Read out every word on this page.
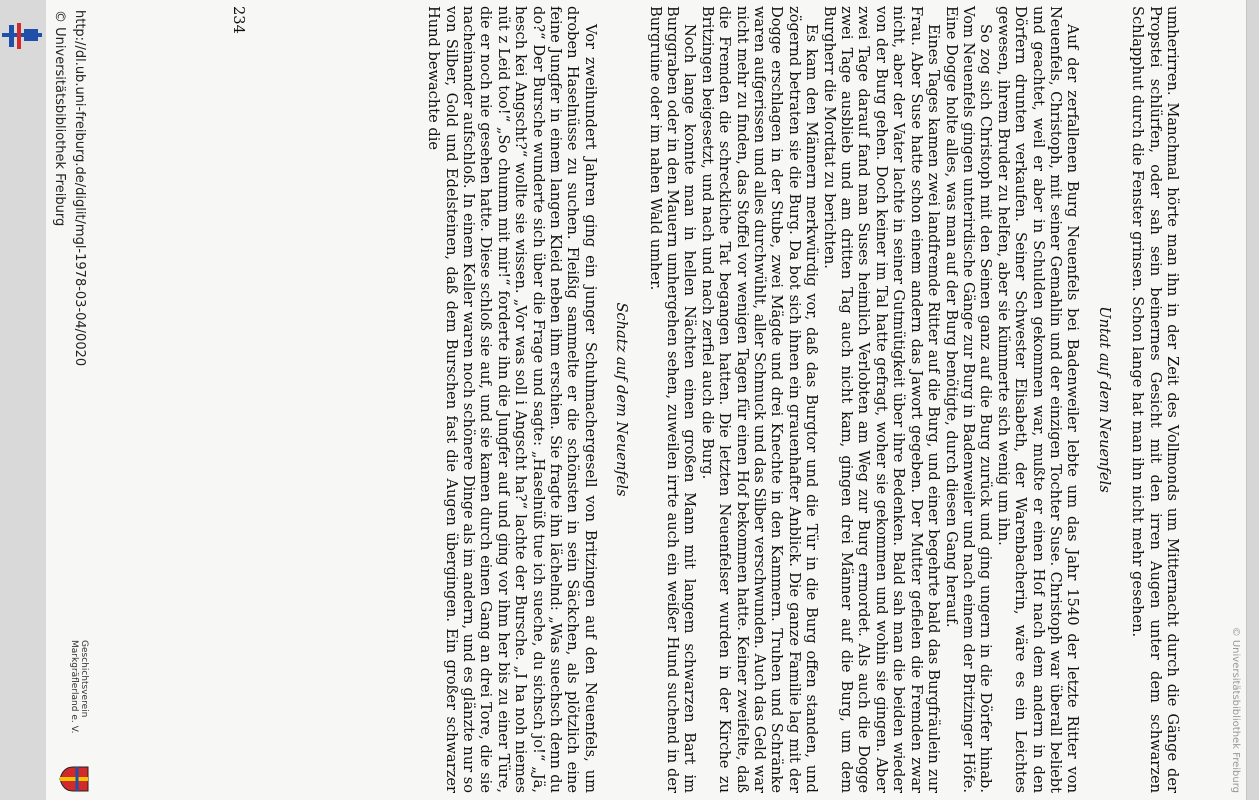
© Universitätsbibliothek Freiburg

umherirren. Manchmal hörte man ihn in der Zeit des Vollmonds um Mitternacht durch die Gänge der Propstei schlürfen, oder sah sein beinernes Gesicht mit den irren Augen unter dem schwarzen Schlapphut durch die Fenster grinsen. Schon lange hat man ihn nicht mehr gesehen.

Untat auf dem Neuenfels

Auf der zerfallenen Burg Neuenfels bei Badenweiler lebte um das Jahr 1540 der letzte Ritter von Neuenfels, Christoph, mit seiner Gemahlin und der einzigen Tochter Suse. Christoph war überall beliebt und geachtet, weil er aber in Schulden gekommen war, mußte er einen Hof nach dem andern in den Dörfern drunten verkaufen. Seiner Schwester Elisabeth, der Warenbacherin, wäre es ein Leichtes gewesen, ihrem Bruder zu helfen, aber sie kümmerte sich wenig um ihn.

So zog sich Christoph mit den Seinen ganz auf die Burg zurück und ging ungern in die Dörfer hinab. Vom Neuenfels gingen unterirdische Gänge zur Burg in Badenweiler und nach einem der Britzinger Höfe. Eine Dogge holte alles, was man auf der Burg benötigte, durch diesen Gang herauf.

Eines Tages kamen zwei landfremde Ritter auf die Burg, und einer begehrte bald das Burgfräulein zur Frau. Aber Suse hatte schon einem andern das Jawort gegeben. Der Mutter gefielen die Fremden zwar nicht, aber der Vater lachte in seiner Gutmütigkeit über ihre Bedenken. Bald sah man die beiden wieder von der Burg gehen. Doch keiner im Tal hatte gefragt, woher sie gekommen und wohin sie gingen. Aber zwei Tage darauf fand man Suses heimlich Verlobten am Weg zur Burg ermordet. Als auch die Dogge zwei Tage ausblieb und am dritten Tag auch nicht kam, gingen drei Männer auf die Burg, um dem Burgherr die Mordtat zu berichten.

Es kam den Männern merkwürdig vor, daß das Burgtor und die Tür in die Burg offen standen, und zögernd betraten sie die Burg. Da bot sich ihnen ein grauenhafter Anblick. Die ganze Familie lag mit der Dogge erschlagen in der Stube, zwei Mägde und drei Knechte in den Kammern. Truhen und Schränke waren aufgerissen und alles durchwühlt, aller Schmuck und das Silber verschwunden. Auch das Geld war nicht mehr zu finden, das Stoffel vor wenigen Tagen für einen Hof bekommen hatte. Keiner zweifelte, daß die Fremden die schreckliche Tat begangen hatten. Die letzten Neuenfelser wurden in der Kirche zu Britzingen beigesetzt, und nach und nach zerfiel auch die Burg.

Noch lange konnte man in hellen Nächten einen großen Mann mit langem schwarzen Bart im Burggraben oder in den Mauern umhergehen sehen, zuweilen irrte auch ein weißer Hund suchend in der Burgruine oder im nahen Wald umher.

Schatz auf dem Neuenfels

Vor zweihundert Jahren ging ein junger Schuhmachergesell von Britzingen auf den Neuenfels, um droben Haselnüsse zu suchen. Fleißig sammelte er die schönsten in sein Säckchen, als plötzlich eine feine Jungfer in einem langen Kleid neben ihm erschien. Sie fragte ihn lächelnd: „Was suechsch denn du do?“ Der Bursche wunderte sich über die Frage und sagte: „Haselnüß tue ich sueche, du sichsch jo!“ „Jä, hesch kei Angscht?“ wollte sie wissen. „Vor was soll i Angscht ha?“ lachte der Bursche. „I ha noh niemes nüt z Leid too!“ „So chumm mit mir!“ forderte ihn die Jungfer auf und ging vor ihm her bis zu einer Türe, die er noch nie gesehen hatte. Diese schloß sie auf, und sie kamen durch einen Gang an drei Tore, die sie nacheinander aufschloß. In einem Keller waren noch schönere Dinge als im andern, und es glänzte nur so von Silber, Gold und Edelsteinen, daß dem Burschen fast die Augen übergingen. Ein großer schwarzer Hund bewachte die

234
http://dl.ub.uni-freiburg.de/diglit/mgl-1978-03-04/0020
© Universitätsbibliothek Freiburg
Geschichtsverein Markgräflerland e. V.
